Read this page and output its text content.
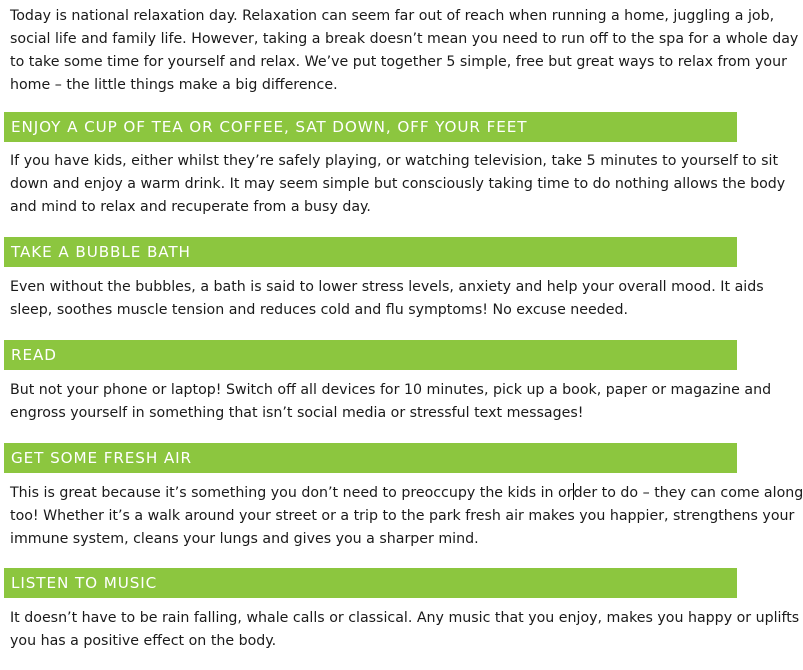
Today is national relaxation day. Relaxation can seem far out of reach when running a home, juggling a job,
social life and family life. However, taking a break doesn’t mean you need to run off to the spa for a whole day
to take some time for yourself and relax. We’ve put together 5 simple, free but great ways to relax from your
home – the little things make a big difference.

ENJOY A CUP OF TEA OR COFFEE, SAT DOWN, OFF YOUR FEET

If you have kids, either whilst they’re safely playing, or watching television, take 5 minutes to yourself to sit
down and enjoy a warm drink. It may seem simple but consciously taking time to do nothing allows the body
and mind to relax and recuperate from a busy day.

TAKE A BUBBLE BATH

Even without the bubbles, a bath is said to lower stress levels, anxiety and help your overall mood. It aids
sleep, soothes muscle tension and reduces cold and flu symptoms! No excuse needed.

READ

But not your phone or laptop! Switch off all devices for 10 minutes, pick up a book, paper or magazine and
engross yourself in something that isn’t social media or stressful text messages!

GET SOME FRESH AIR

This is great because it’s something you don’t need to preoccupy the kids in order to do – they can come along
too! Whether it’s a walk around your street or a trip to the park fresh air makes you happier, strengthens your
immune system, cleans your lungs and gives you a sharper mind.

LISTEN TO MUSIC

It doesn’t have to be rain falling, whale calls or classical. Any music that you enjoy, makes you happy or uplifts
you has a positive effect on the body.
